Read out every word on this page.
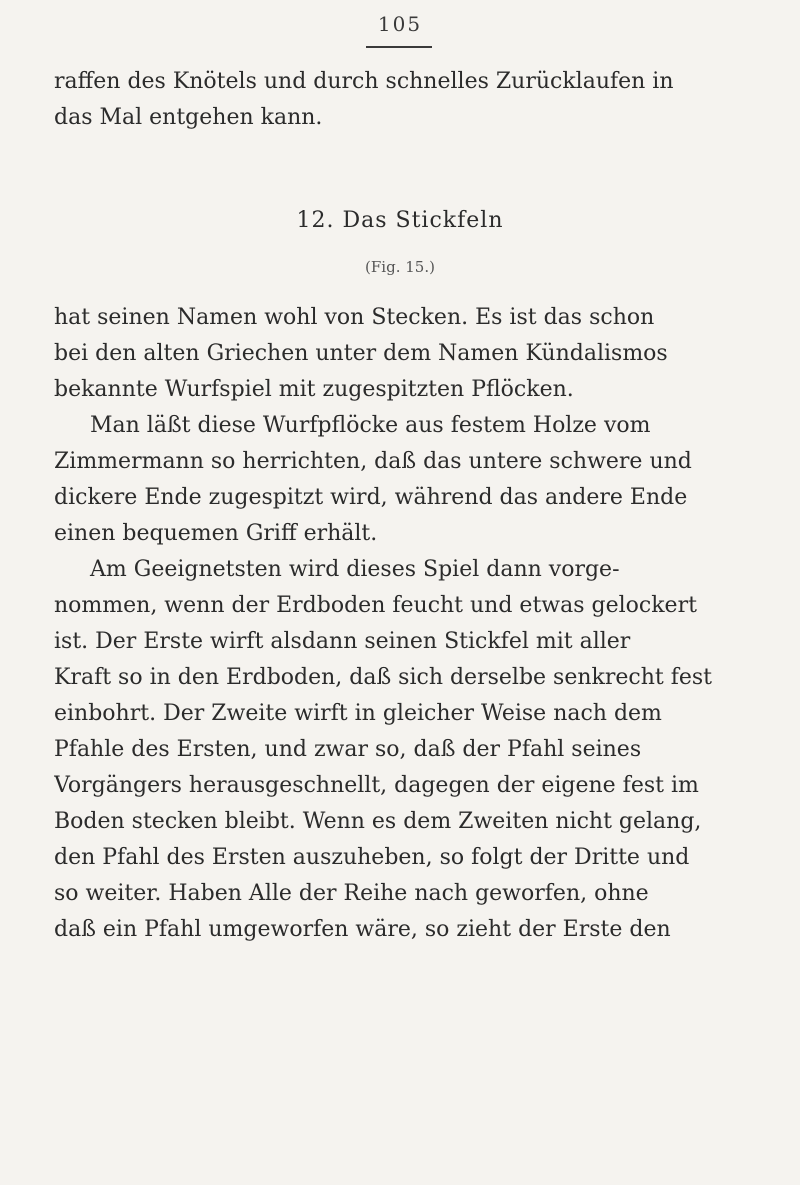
105
raffen des Knötels und durch schnelles Zurücklaufen in
das Mal entgehen kann.
12. Das Stickfeln
(Fig. 15.)
hat seinen Namen wohl von Stecken. Es ist das schon
bei den alten Griechen unter dem Namen Kündalismos
bekannte Wurfspiel mit zugespitzten Pflöcken.
Man läßt diese Wurfpflöcke aus festem Holze vom
Zimmermann so herrichten, daß das untere schwere und
dickere Ende zugespitzt wird, während das andere Ende
einen bequemen Griff erhält.
Am Geeignetsten wird dieses Spiel dann vorge-
nommen, wenn der Erdboden feucht und etwas gelockert
ist. Der Erste wirft alsdann seinen Stickfel mit aller
Kraft so in den Erdboden, daß sich derselbe senkrecht fest
einbohrt. Der Zweite wirft in gleicher Weise nach dem
Pfahle des Ersten, und zwar so, daß der Pfahl seines
Vorgängers herausgeschnellt, dagegen der eigene fest im
Boden stecken bleibt. Wenn es dem Zweiten nicht gelang,
den Pfahl des Ersten auszuheben, so folgt der Dritte und
so weiter. Haben Alle der Reihe nach geworfen, ohne
daß ein Pfahl umgeworfen wäre, so zieht der Erste den
